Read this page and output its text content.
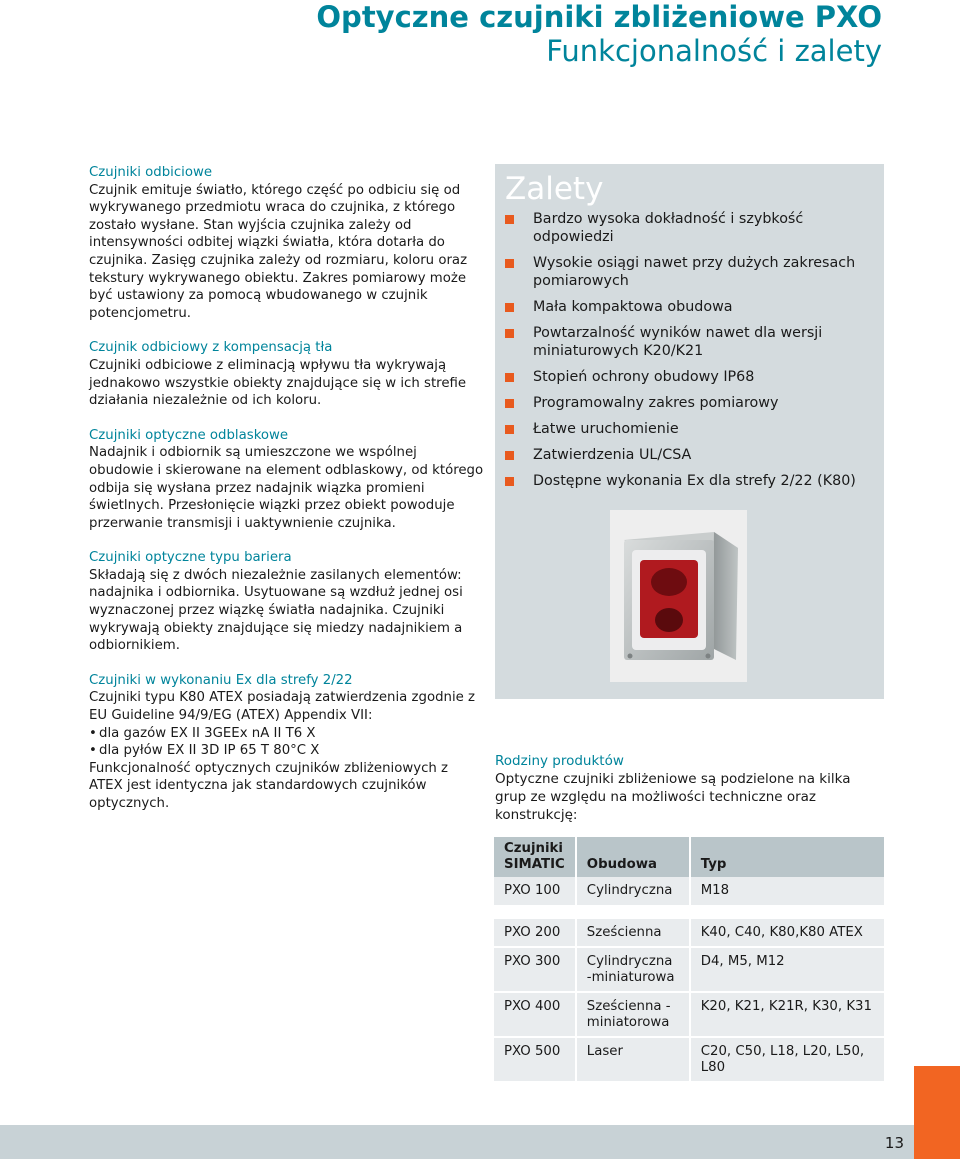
Optyczne czujniki zbliżeniowe PXO
Funkcjonalność i zalety
Czujniki odbiciowe

Czujnik emituje światło, którego część po odbiciu się od wykrywanego przedmiotu wraca do czujnika, z którego zostało wysłane. Stan wyjścia czujnika zależy od intensywności odbitej wiązki światła, która dotarła do czujnika. Zasięg czujnika zależy od rozmiaru, koloru oraz tekstury wykrywanego obiektu. Zakres pomiarowy może być ustawiony za pomocą wbudowanego w czujnik potencjometru.

Czujnik odbiciowy z kompensacją tła

Czujniki odbiciowe z eliminacją wpływu tła wykrywają jednakowo wszystkie obiekty znajdujące się w ich strefie działania niezależnie od ich koloru.

Czujniki optyczne odblaskowe

Nadajnik i odbiornik są umieszczone we wspólnej obudowie i skierowane na element odblaskowy, od którego odbija się wysłana przez nadajnik wiązka promieni świetlnych. Przesłonięcie wiązki przez obiekt powoduje przerwanie transmisji i uaktywnienie czujnika.

Czujniki optyczne typu bariera

Składają się z dwóch niezależnie zasilanych elementów: nadajnika i odbiornika. Usytuowane są wzdłuż jednej osi wyznaczonej przez wiązkę światła nadajnika. Czujniki wykrywają obiekty znajdujące się miedzy nadajnikiem a odbiornikiem.

Czujniki w wykonaniu Ex dla strefy 2/22

Czujniki typu K80 ATEX posiadają zatwierdzenia zgodnie z EU Guideline 94/9/EG (ATEX) Appendix VII:

• dla gazów EX II 3GEEx nA II T6 X
• dla pyłów EX II 3D IP 65 T 80°C X

Funkcjonalność optycznych czujników zbliżeniowych z ATEX jest identyczna jak standardowych czujników optycznych.

Zalety
Bardzo wysoka dokładność i szybkość odpowiedzi
Wysokie osiągi nawet przy dużych zakresach pomiarowych
Mała kompaktowa obudowa
Powtarzalność wyników nawet dla wersji miniaturowych K20/K21
Stopień ochrony obudowy IP68
Programowalny zakres pomiarowy
Łatwe uruchomienie
Zatwierdzenia UL/CSA
Dostępne wykonania Ex dla strefy 2/22 (K80)
Rodziny produktów
Optyczne czujniki zbliżeniowe są podzielone na kilka grup ze względu na możliwości techniczne oraz konstrukcję:
Czujniki SIMATIC	Obudowa	Typ
PXO 100	Cylindryczna	M18

PXO 200	Sześcienna	K40, C40, K80,K80 ATEX
PXO 300	Cylindryczna -miniaturowa	D4, M5, M12
PXO 400	Sześcienna -miniatorowa	K20, K21, K21R, K30, K31
PXO 500	Laser	C20, C50, L18, L20, L50, L80
13
